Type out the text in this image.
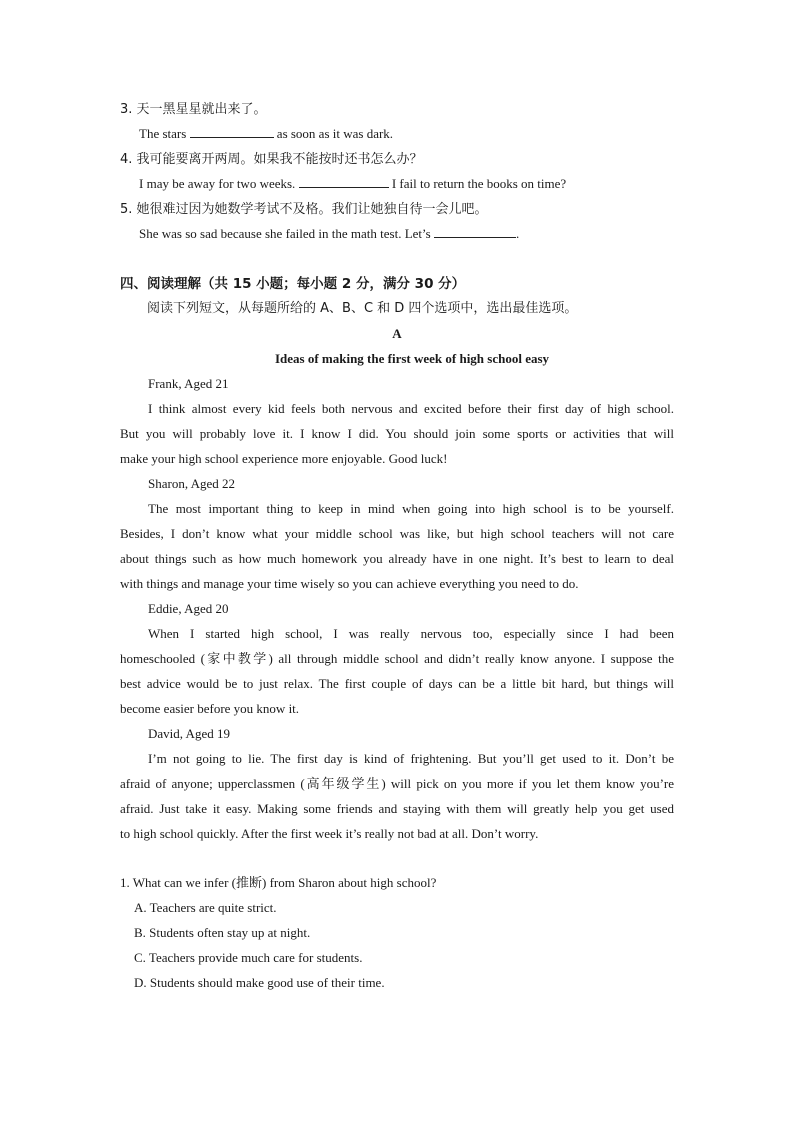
3. 天一黑星星就出来了。
The stars	as soon as it was dark.
4. 我可能要离开两周。如果我不能按时还书怎么办？
I may be away for two weeks.	I fail to return the books on time?
5. 她很难过因为她数学考试不及格。我们让她独自待一会儿吧。
She was so sad because she failed in the math test. Let’s	.
四、阅读理解（共 15 小题；每小题 2 分，满分 30 分）
阅读下列短文，从每题所给的 A、B、C 和 D 四个选项中，选出最佳选项。
A
Ideas of making the first week of high school easy
Frank, Aged 21
I think almost every kid feels both nervous and excited before their first day of high school.
But you will probably love it. I know I did. You should join some sports or activities that will
make your high school experience more enjoyable. Good luck!
Sharon, Aged 22
The most important thing to keep in mind when going into high school is to be yourself.
Besides, I don’t know what your middle school was like, but high school teachers will not care
about things such as how much homework you already have in one night. It’s best to learn to deal
with things and manage your time wisely so you can achieve everything you need to do.
Eddie, Aged 20
When I started high school, I was really nervous too, especially since I had been
homeschooled (家中教学) all through middle school and didn’t really know anyone. I suppose the
best advice would be to just relax. The first couple of days can be a little bit hard, but things will
become easier before you know it.
David, Aged 19
I’m not going to lie. The first day is kind of frightening. But you’ll get used to it. Don’t be
afraid of anyone; upperclassmen (高年级学生) will pick on you more if you let them know you’re
afraid. Just take it easy. Making some friends and staying with them will greatly help you get used
to high school quickly. After the first week it’s really not bad at all. Don’t worry.
1. What can we infer (推断) from Sharon about high school?
A. Teachers are quite strict.
B. Students often stay up at night.
C. Teachers provide much care for students.
D. Students should make good use of their time.
